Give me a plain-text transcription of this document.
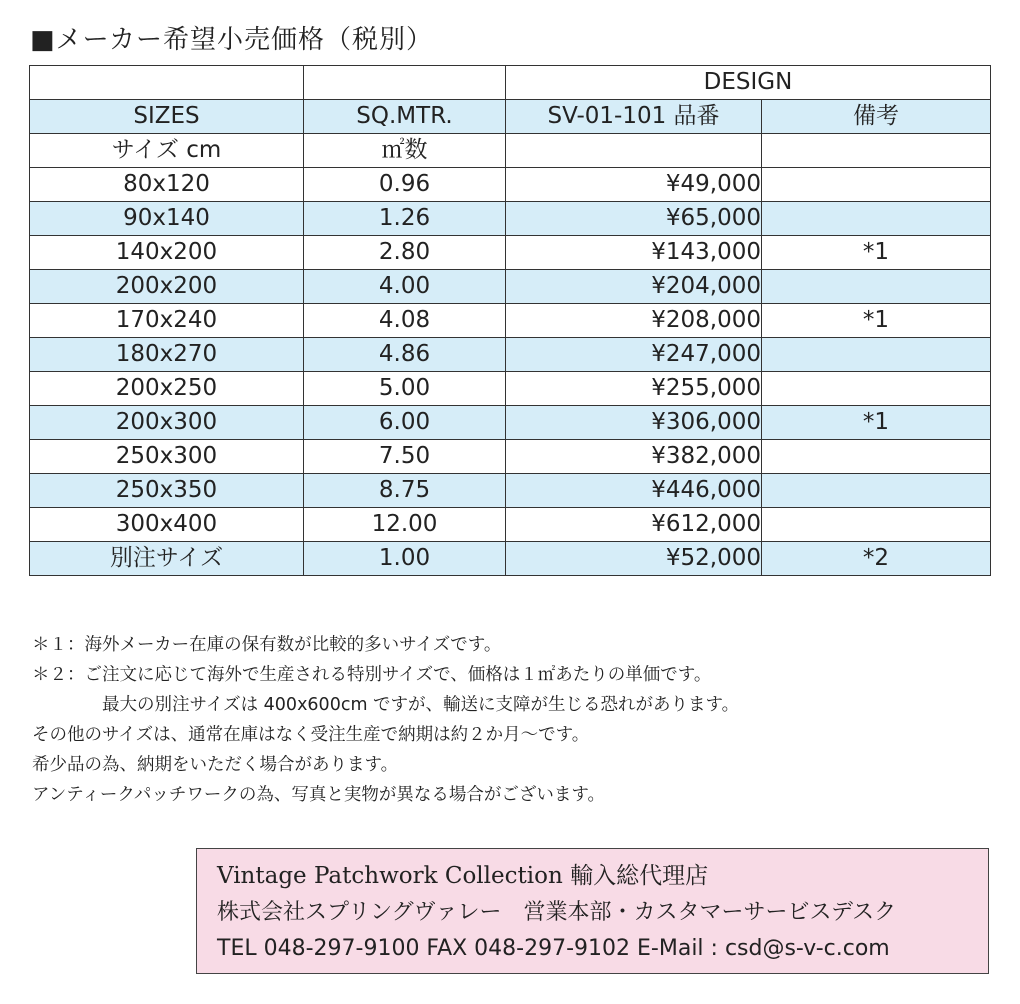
■メーカー希望小売価格（税別）
		DESIGN	
SIZES	SQ.MTR.	SV-01-101 品番	備考
サイズ cm	㎡数		
80x120	0.96	¥49,000	
90x140	1.26	¥65,000	
140x200	2.80	¥143,000	*1
200x200	4.00	¥204,000	
170x240	4.08	¥208,000	*1
180x270	4.86	¥247,000	
200x250	5.00	¥255,000	
200x300	6.00	¥306,000	*1
250x300	7.50	¥382,000	
250x350	8.75	¥446,000	
300x400	12.00	¥612,000	
別注サイズ	1.00	¥52,000	*2
＊１：海外メーカー在庫の保有数が比較的多いサイズです。
＊２：ご注文に応じて海外で生産される特別サイズで、価格は１㎡あたりの単価です。
最大の別注サイズは 400x600cm ですが、輸送に支障が生じる恐れがあります。
その他のサイズは、通常在庫はなく受注生産で納期は約２か月～です。
希少品の為、納期をいただく場合があります。
アンティークパッチワークの為、写真と実物が異なる場合がございます。
Vintage Patchwork Collection 輸入総代理店
株式会社スプリングヴァレー　営業本部・カスタマーサービスデスク
TEL 048-297-9100 FAX 048-297-9102 E-Mail : csd@s-v-c.com
